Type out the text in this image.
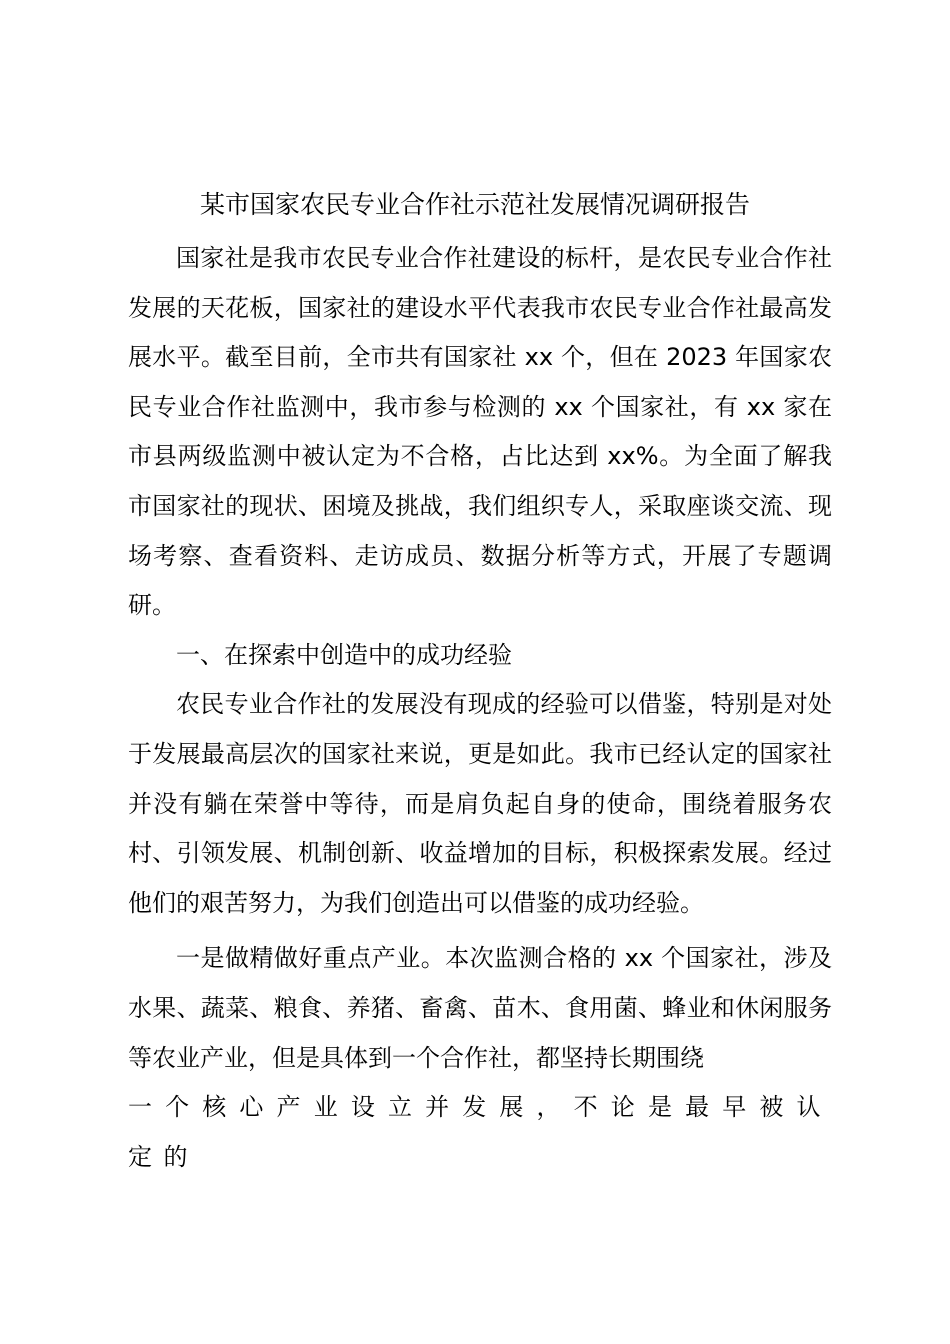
某市国家农民专业合作社示范社发展情况调研报告

国家社是我市农民专业合作社建设的标杆，是农民专业合作社发展的天花板，国家社的建设水平代表我市农民专业合作社最高发展水平。截至目前，全市共有国家社 xx 个，但在 2023 年国家农民专业合作社监测中，我市参与检测的 xx 个国家社，有 xx 家在市县两级监测中被认定为不合格，占比达到 xx%。为全面了解我市国家社的现状、困境及挑战，我们组织专人，采取座谈交流、现场考察、查看资料、走访成员、数据分析等方式，开展了专题调研。

一、在探索中创造中的成功经验

农民专业合作社的发展没有现成的经验可以借鉴，特别是对处于发展最高层次的国家社来说，更是如此。我市已经认定的国家社并没有躺在荣誉中等待，而是肩负起自身的使命，围绕着服务农村、引领发展、机制创新、收益增加的目标，积极探索发展。经过他们的艰苦努力，为我们创造出可以借鉴的成功经验。

一是做精做好重点产业。本次监测合格的 xx 个国家社，涉及水果、蔬菜、粮食、养猪、畜禽、苗木、食用菌、蜂业和休闲服务等农业产业，但是具体到一个合作社，都坚持长期围绕
一个核心产业设立并发展，不论是最早被认定的
